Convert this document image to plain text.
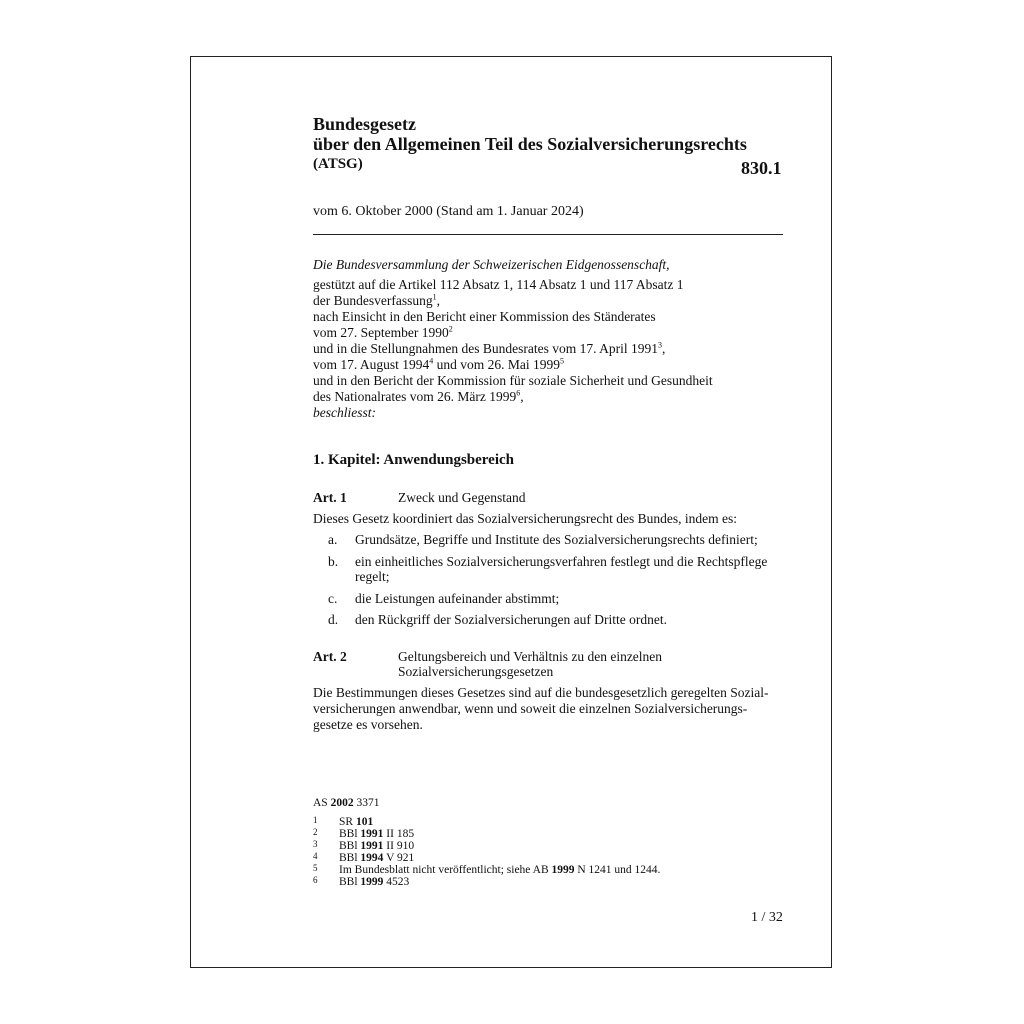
830.1
Bundesgesetz
über den Allgemeinen Teil des Sozialversicherungsrechts
(ATSG)
vom 6. Oktober 2000 (Stand am 1. Januar 2024)
Die Bundesversammlung der Schweizerischen Eidgenossenschaft,
gestützt auf die Artikel 112 Absatz 1, 114 Absatz 1 und 117 Absatz 1
der Bundesverfassung$^1$,
nach Einsicht in den Bericht einer Kommission des Ständerates
vom 27. September 1990$^2$
und in die Stellungnahmen des Bundesrates vom 17. April 1991$^3$,
vom 17. August 1994$^4$ und vom 26. Mai 1999$^5$
und in den Bericht der Kommission für soziale Sicherheit und Gesundheit
des Nationalrates vom 26. März 1999$^6$,
beschliesst:
1. Kapitel: Anwendungsbereich
Art. 1	Zweck und Gegenstand
Dieses Gesetz koordiniert das Sozialversicherungsrecht des Bundes, indem es:
a. Grundsätze, Begriffe und Institute des Sozialversicherungsrechts definiert;
b. ein einheitliches Sozialversicherungsverfahren festlegt und die Rechtspflege
regelt;
c. die Leistungen aufeinander abstimmt;
d. den Rückgriff der Sozialversicherungen auf Dritte ordnet.
Art. 2	Geltungsbereich und Verhältnis zu den einzelnen
Sozialversicherungsgesetzen
Die Bestimmungen dieses Gesetzes sind auf die bundesgesetzlich geregelten Sozial-
versicherungen anwendbar, wenn und soweit die einzelnen Sozialversicherungs-
gesetze es vorsehen.
AS 2002 3371
1 SR 101
2 BBl 1991 II 185
3 BBl 1991 II 910
4 BBl 1994 V 921
5 Im Bundesblatt nicht veröffentlicht; siehe AB 1999 N 1241 und 1244.
6 BBl 1999 4523
1 / 32
